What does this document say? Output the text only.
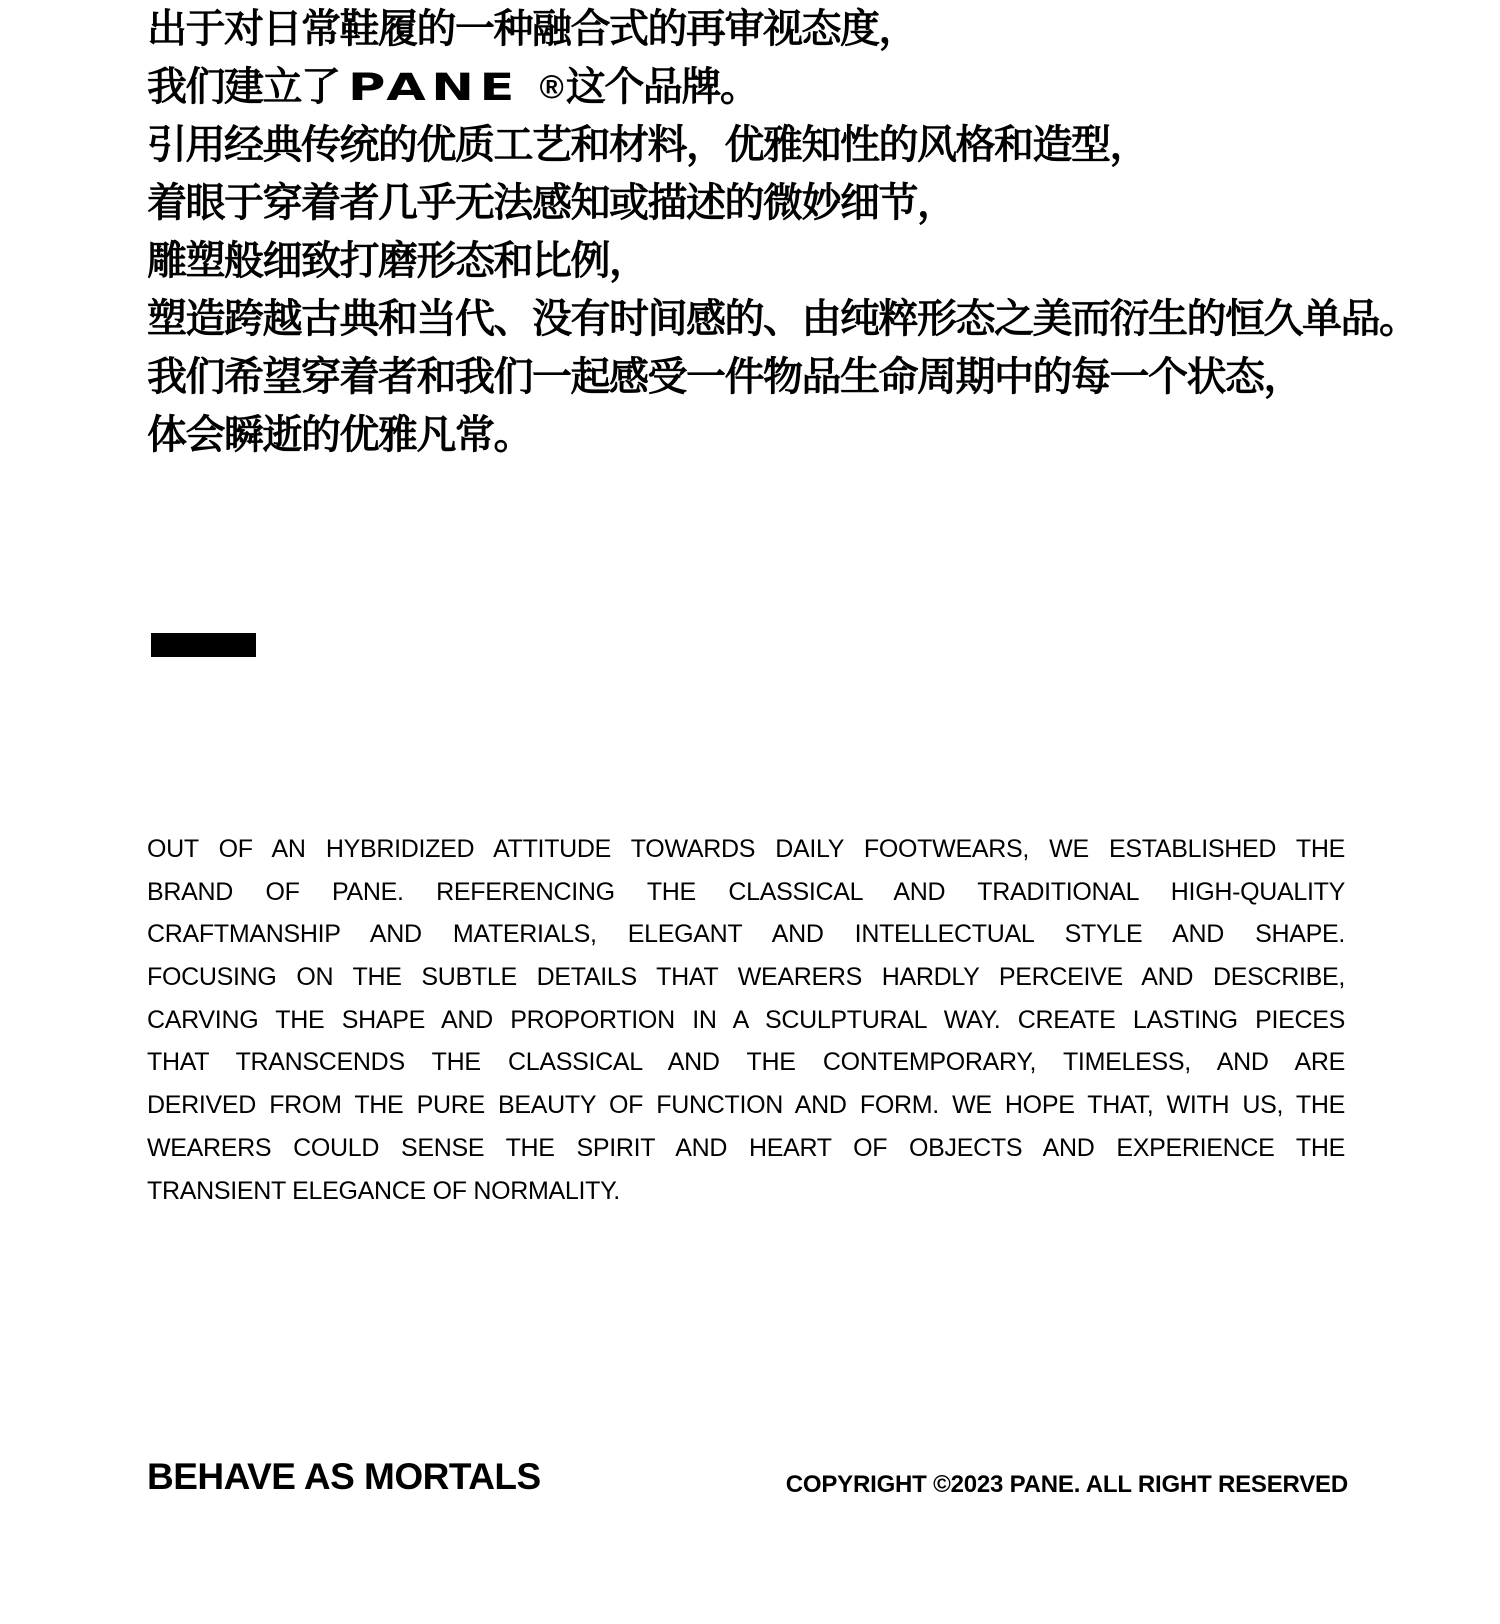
出于对日常鞋履的一种融合式的再审视态度，
我们建立了 PANE ®这个品牌。
引用经典传统的优质工艺和材料，优雅知性的风格和造型，
着眼于穿着者几乎无法感知或描述的微妙细节，
雕塑般细致打磨形态和比例，
塑造跨越古典和当代、没有时间感的、由纯粹形态之美而衍生的恒久单品。
我们希望穿着者和我们一起感受一件物品生命周期中的每一个状态，
体会瞬逝的优雅凡常。
OUT OF AN HYBRIDIZED ATTITUDE TOWARDS DAILY FOOTWEARS, WE ESTABLISHED THE
BRAND OF PANE. REFERENCING THE CLASSICAL AND TRADITIONAL HIGH-QUALITY
CRAFTMANSHIP AND MATERIALS, ELEGANT AND INTELLECTUAL STYLE AND SHAPE.
FOCUSING ON THE SUBTLE DETAILS THAT WEARERS HARDLY PERCEIVE AND DESCRIBE,
CARVING THE SHAPE AND PROPORTION IN A SCULPTURAL WAY. CREATE LASTING PIECES
THAT TRANSCENDS THE CLASSICAL AND THE CONTEMPORARY, TIMELESS, AND ARE
DERIVED FROM THE PURE BEAUTY OF FUNCTION AND FORM. WE HOPE THAT, WITH US, THE
WEARERS COULD SENSE THE SPIRIT AND HEART OF OBJECTS AND EXPERIENCE THE
TRANSIENT ELEGANCE OF NORMALITY.
BEHAVE AS MORTALS	COPYRIGHT ©2023 PANE. ALL RIGHT RESERVED
